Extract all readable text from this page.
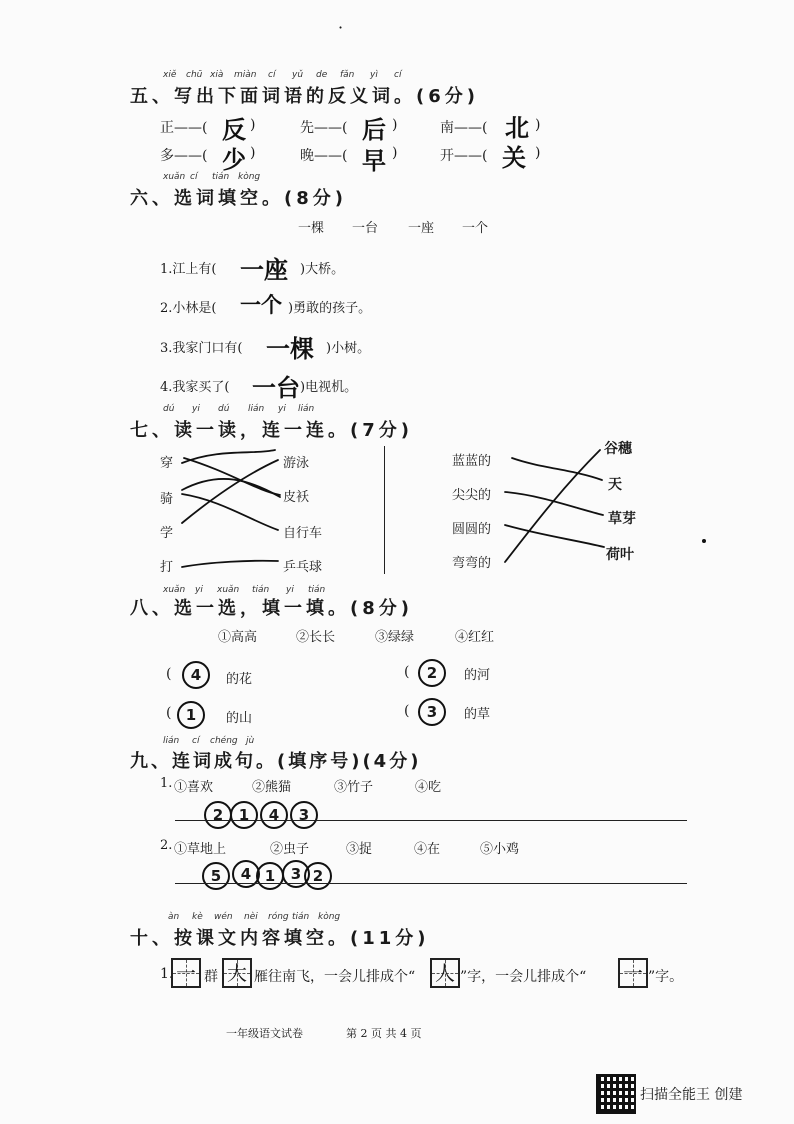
·
xiě chū xià miàn cí yǔ de fǎn yì cí
五、写出下面词语的反义词。(6分)
正——( 反 )	先——( 后 )	南——( 北 )
多——( 少 )	晚——( 早 )	开——( 关 )
xuǎn cí tián kòng
六、选词填空。(8分)
一棵 一台 一座 一个
1.江上有( 一座 )大桥。
2.小林是( 一个 )勇敢的孩子。
3.我家门口有( 一棵 )小树。
4.我家买了( 一台 )电视机。
dú yi dú lián yi lián
七、读一读，连一连。(7分)
穿
骑
学
打
游泳
皮袄
自行车
乒乓球
蓝蓝的
尖尖的
圆圆的
弯弯的
谷穗
天
草芽
荷叶
xuǎn yi xuǎn tián yi tián
八、选一选，填一填。(8分)
①高高	②长长	③绿绿	④红红
(	4	的花	(	2	的河
( 1	的山	(	3	的草
lián cí chéng jù
九、连词成句。(填序号)(4分)
1. ①喜欢	②熊猫	③竹子	④吃
2	1	4	3
2. ①草地上	②虫子	③捉	④在	⑤小鸡
5	4 1	3 2
àn kè wén nèi róng tián kòng
十、按课文内容填空。(11分)
1. 一 群 大 雁往南飞，一会儿排成个“ 人 ”字，一会儿排成个“ 一 ”字。
一年级语文试卷	第 2 页 共 4 页
扫描全能王 创建
